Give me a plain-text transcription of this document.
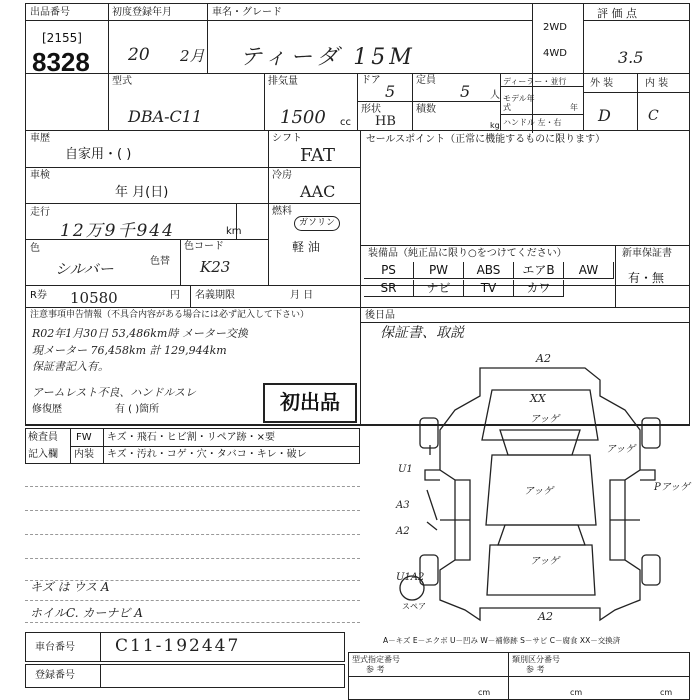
出品番号
[2155]
8328
初度登録年月
20 2月
車名・グレード
ティーダ 15M
2WD
4WD
評 価 点
3.5
型式
DBA-C11
排気量
1500 cc
ドア
5
定員
5 人
形状
HB
積数
kg
ディーラー・並行
モデル年式	年
ハンドル 左・右
外 装	内 装
D	C
車歴
自家用・( )
車検
年 月(日)
走行
12万9千944	km
色
シルバー	色替
色コード
K23
シフト
FAT
冷房
AAC
燃料
ガソリン
軽 油
R券 10580	円 名義期限	月 日
セールスポイント（正常に機能するものに限ります）
装備品（純正品に限り○をつけてください）	新車保証書
有・無
PS	PW	ABS	エアB	AW
SR	ナビ	TV	カワ
後日品
保証書、取説
注意事項申告情報（不具合内容がある場合には必ず記入して下さい）
R02年1月30日 53,486km時 メーター交換
現メーター 76,458km 計 129,944km
保証書記入有。
アームレスト不良、ハンドルスレ
修復歴	有 ( )箇所	初出品
検査員
記入欄
FW キズ・飛石・ヒビ割・リペア跡・×要
内装 キズ・汚れ・コゲ・穴・タバコ・キレ・破レ
キズ は ウス A
ホイルC. カーナビ A
A2
XX
アッゲ
U1
アッゲ	Pアッゲ
A3
A2
アッゲ
U1A2
A2
アッゲ
スペア
A－キズ E－エクボ U－凹み W－補修跡 S－サビ C－腐食 XX－交換済
車台番号 C11-192447
登録番号
型式指定番号
参 考
類別区分番号
参 考
cm	cm	cm
